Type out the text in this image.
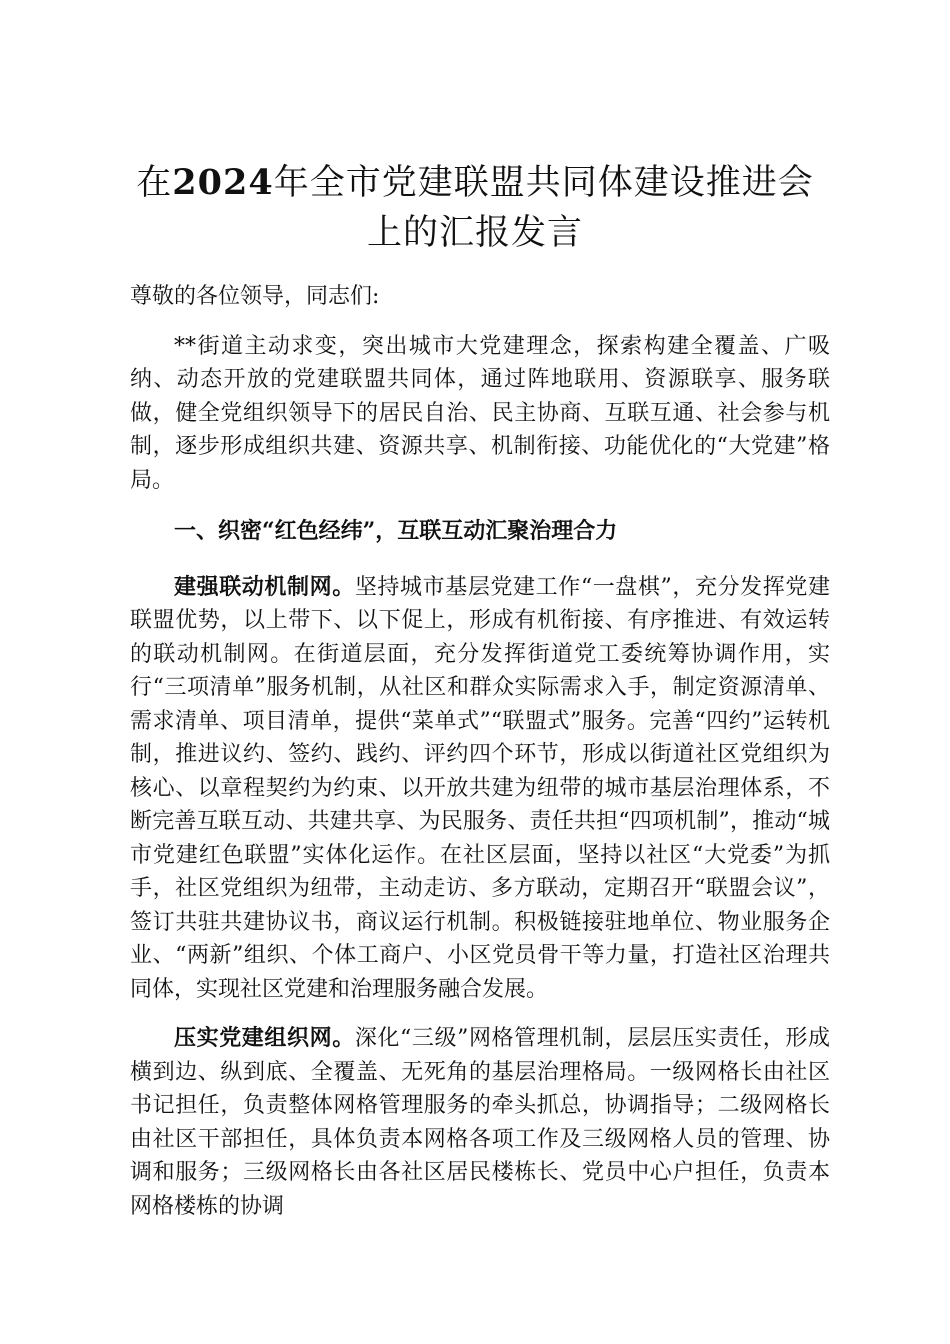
在2024年全市党建联盟共同体建设推进会上的汇报发言

尊敬的各位领导，同志们:

**街道主动求变，突出城市大党建理念，探索构建全覆盖、广吸纳、动态开放的党建联盟共同体，通过阵地联用、资源联享、服务联做，健全党组织领导下的居民自治、民主协商、互联互通、社会参与机制，逐步形成组织共建、资源共享、机制衔接、功能优化的“大党建”格局。

一、织密“红色经纬”，互联互动汇聚治理合力

建强联动机制网。坚持城市基层党建工作“一盘棋”，充分发挥党建联盟优势，以上带下、以下促上，形成有机衔接、有序推进、有效运转的联动机制网。在街道层面，充分发挥街道党工委统筹协调作用，实行“三项清单”服务机制，从社区和群众实际需求入手，制定资源清单、需求清单、项目清单，提供“菜单式”“联盟式”服务。完善“四约”运转机制，推进议约、签约、践约、评约四个环节，形成以街道社区党组织为核心、以章程契约为约束、以开放共建为纽带的城市基层治理体系，不断完善互联互动、共建共享、为民服务、责任共担“四项机制”，推动“城市党建红色联盟”实体化运作。在社区层面，坚持以社区“大党委”为抓手，社区党组织为纽带，主动走访、多方联动，定期召开“联盟会议”，签订共驻共建协议书，商议运行机制。积极链接驻地单位、物业服务企业、“两新”组织、个体工商户、小区党员骨干等力量，打造社区治理共同体，实现社区党建和治理服务融合发展。

压实党建组织网。深化“三级”网格管理机制，层层压实责任，形成横到边、纵到底、全覆盖、无死角的基层治理格局。一级网格长由社区书记担任，负责整体网格管理服务的牵头抓总，协调指导；二级网格长由社区干部担任，具体负责本网格各项工作及三级网格人员的管理、协调和服务；三级网格长由各社区居民楼栋长、党员中心户担任，负责本网格楼栋的协调
